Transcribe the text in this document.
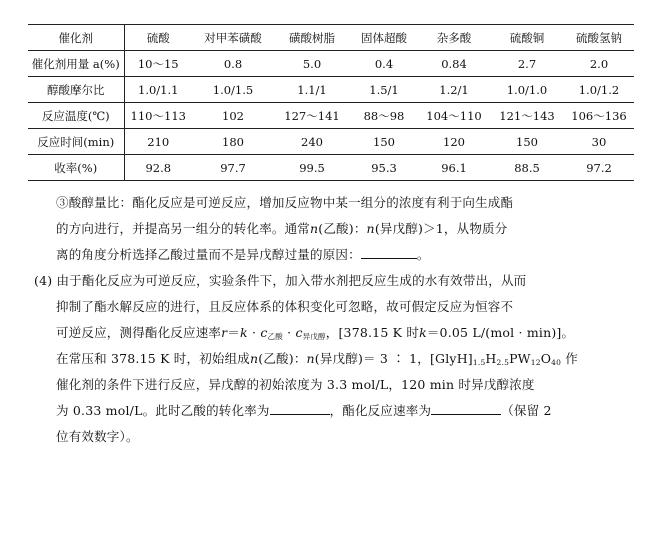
催化剂	硫酸	对甲苯磺酸	磺酸树脂	固体超酸	杂多酸	硫酸铜	硫酸氢钠
催化剂用量 a(%)	10～15	0.8	5.0	0.4	0.84	2.7	2.0
醇酸摩尔比	1.0/1.1	1.0/1.5	1.1/1	1.5/1	1.2/1	1.0/1.0	1.0/1.2
反应温度(℃)	110～113	102	127～141	88～98	104～110	121～143	106～136
反应时间(min)	210	180	240	150	120	150	30
收率(%)	92.8	97.7	99.5	95.3	96.1	88.5	97.2
③酸醇量比：酯化反应是可逆反应，增加反应物中某一组分的浓度有利于向生成酯
的方向进行，并提高另一组分的转化率。通常n(乙酸)：n(异戊醇)＞1，从物质分
离的角度分析选择乙酸过量而不是异戊醇过量的原因：	。
(4) 由于酯化反应为可逆反应，实验条件下，加入带水剂把反应生成的水有效带出，从而
抑制了酯水解反应的进行，且反应体系的体积变化可忽略，故可假定反应为恒容不
可逆反应，测得酯化反应速率$r=k \cdot c_{乙酸} \cdot c_{异戊醇}$，[378.15 K 时k＝0.05 L/(mol · min)]。
在常压和 378.15 K 时，初始组成n(乙酸)：n(异戊醇)＝ 3 ∶ 1，$[GlyH]_{1.5}H_{2.5}PW_{12}O_{40}$ 作
催化剂的条件下进行反应，异戊醇的初始浓度为 3.3 mol/L，120 min 时异戊醇浓度
为 0.33 mol/L。此时乙酸的转化率为	，酯化反应速率为	（保留 2
位有效数字）。
